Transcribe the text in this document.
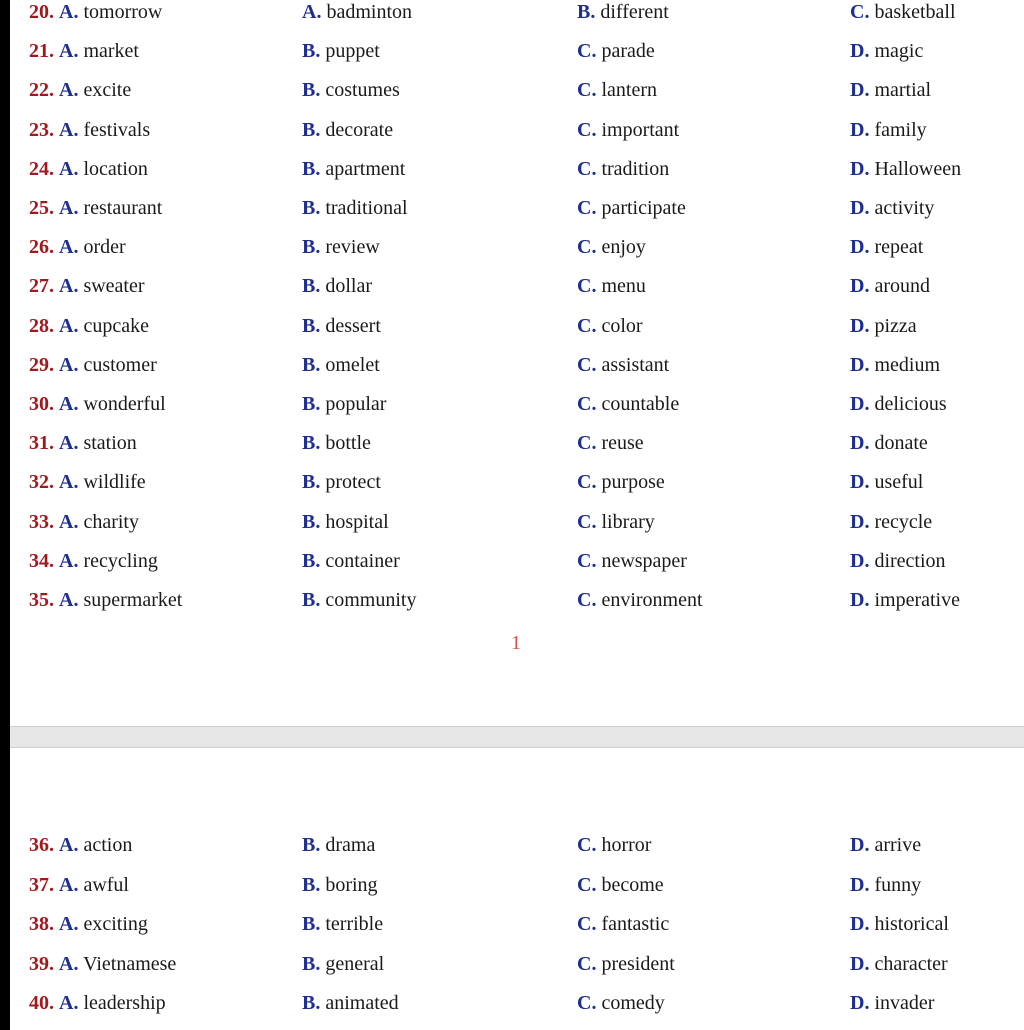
20. A. tomorrow	A. badminton	B. different	C. basketball
21. A. market	B. puppet	C. parade	D. magic
22. A. excite	B. costumes	C. lantern	D. martial
23. A. festivals	B. decorate	C. important	D. family
24. A. location	B. apartment	C. tradition	D. Halloween
25. A. restaurant	B. traditional	C. participate	D. activity
26. A. order	B. review	C. enjoy	D. repeat
27. A. sweater	B. dollar	C. menu	D. around
28. A. cupcake	B. dessert	C. color	D. pizza
29. A. customer	B. omelet	C. assistant	D. medium
30. A. wonderful	B. popular	C. countable	D. delicious
31. A. station	B. bottle	C. reuse	D. donate
32. A. wildlife	B. protect	C. purpose	D. useful
33. A. charity	B. hospital	C. library	D. recycle
34. A. recycling	B. container	C. newspaper	D. direction
35. A. supermarket	B. community	C. environment	D. imperative
1
36. A. action	B. drama	C. horror	D. arrive
37. A. awful	B. boring	C. become	D. funny
38. A. exciting	B. terrible	C. fantastic	D. historical
39. A. Vietnamese	B. general	C. president	D. character
40. A. leadership	B. animated	C. comedy	D. invader
